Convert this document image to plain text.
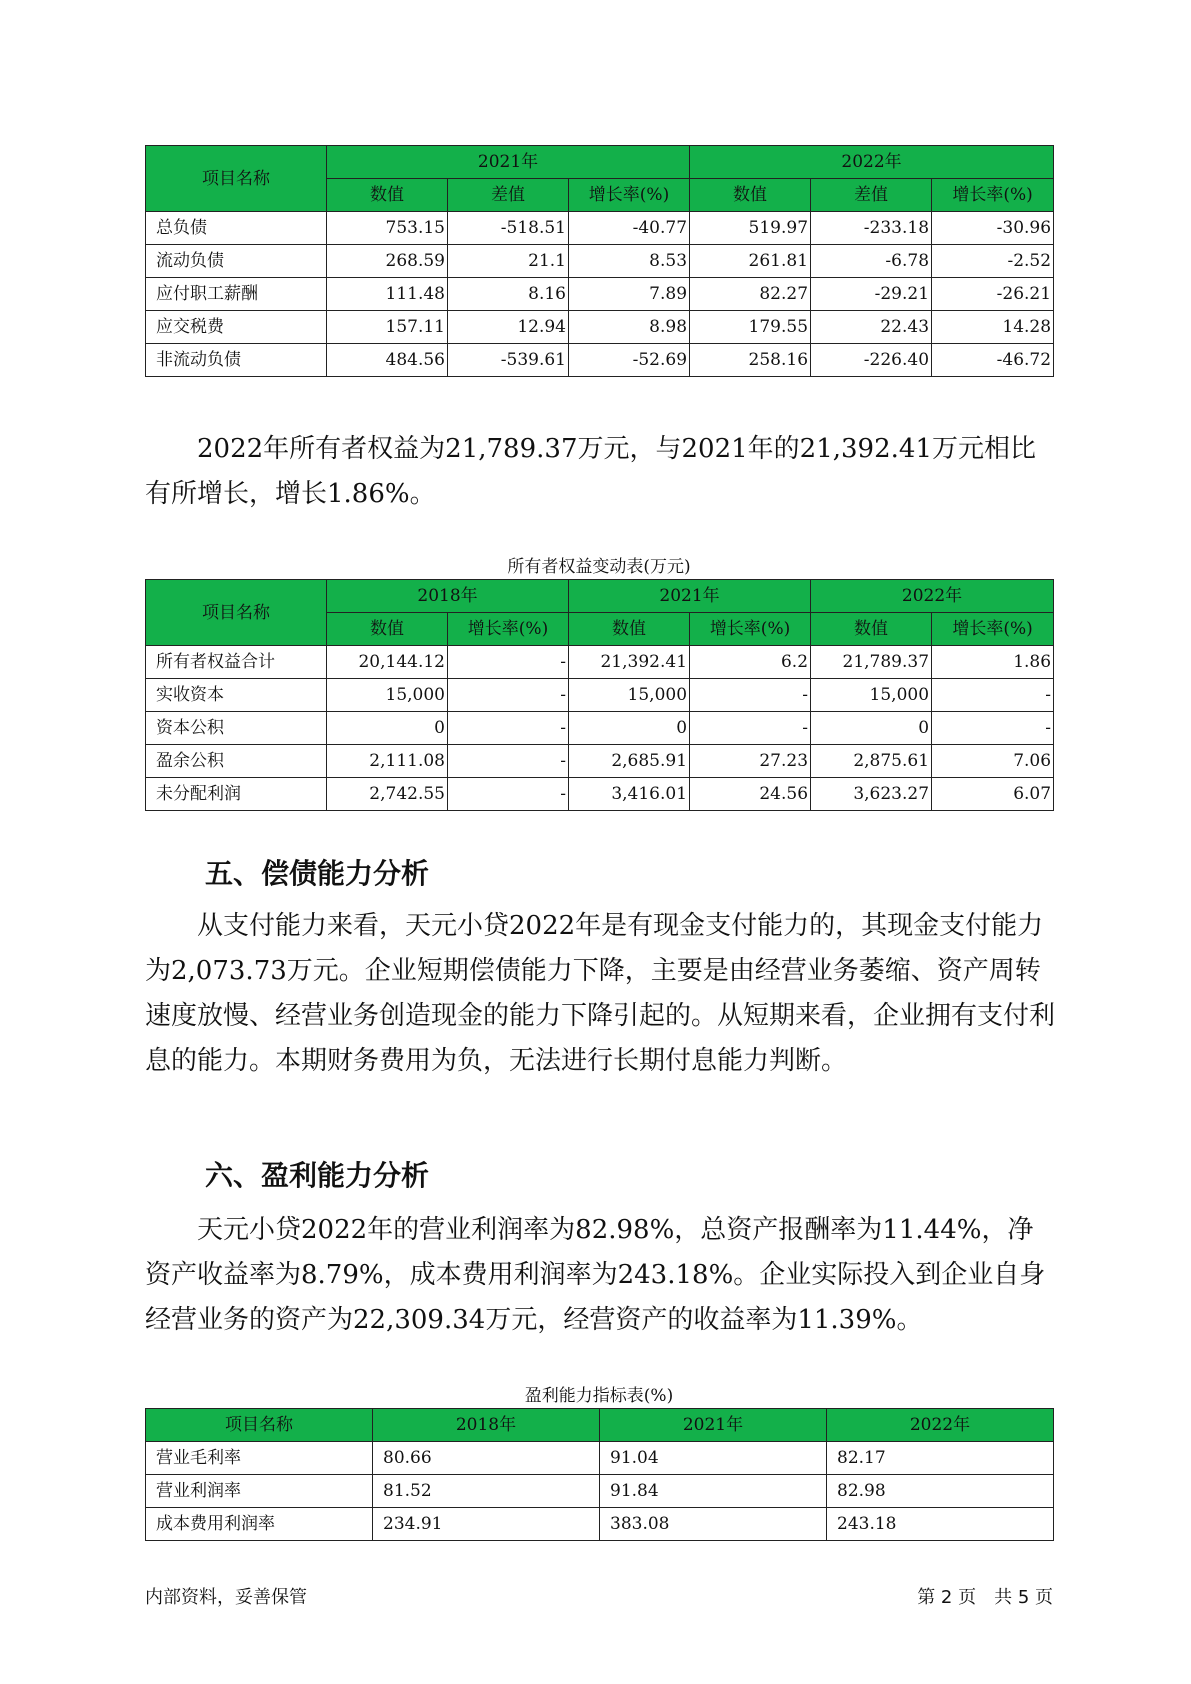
项目名称	2021年			2022年		
	数值	差值	增长率(%)	数值	差值	增长率(%)
总负债	753.15	-518.51	-40.77	519.97	-233.18	-30.96
流动负债	268.59	21.1	8.53	261.81	-6.78	-2.52
应付职工薪酬	111.48	8.16	7.89	82.27	-29.21	-26.21
应交税费	157.11	12.94	8.98	179.55	22.43	14.28
非流动负债	484.56	-539.61	-52.69	258.16	-226.40	-46.72

2022年所有者权益为21,789.37万元，与2021年的21,392.41万元相比有所增长，增长1.86%。

所有者权益变动表(万元)
项目名称	2018年		2021年		2022年	
	数值	增长率(%)	数值	增长率(%)	数值	增长率(%)
所有者权益合计	20,144.12	-	21,392.41	6.2	21,789.37	1.86
实收资本	15,000	-	15,000	-	15,000	-
资本公积	0	-	0	-	0	-
盈余公积	2,111.08	-	2,685.91	27.23	2,875.61	7.06
未分配利润	2,742.55	-	3,416.01	24.56	3,623.27	6.07
五、偿债能力分析

从支付能力来看，天元小贷2022年是有现金支付能力的，其现金支付能力为2,073.73万元。企业短期偿债能力下降，主要是由经营业务萎缩、资产周转速度放慢、经营业务创造现金的能力下降引起的。从短期来看，企业拥有支付利息的能力。本期财务费用为负，无法进行长期付息能力判断。

六、盈利能力分析

天元小贷2022年的营业利润率为82.98%，总资产报酬率为11.44%，净资产收益率为8.79%，成本费用利润率为243.18%。企业实际投入到企业自身经营业务的资产为22,309.34万元，经营资产的收益率为11.39%。

盈利能力指标表(%)
项目名称	2018年	2021年	2022年
营业毛利率	80.66	91.04	82.17
营业利润率	81.52	91.84	82.98
成本费用利润率	234.91	383.08	243.18
内部资料，妥善保管	第 2 页　共 5 页
